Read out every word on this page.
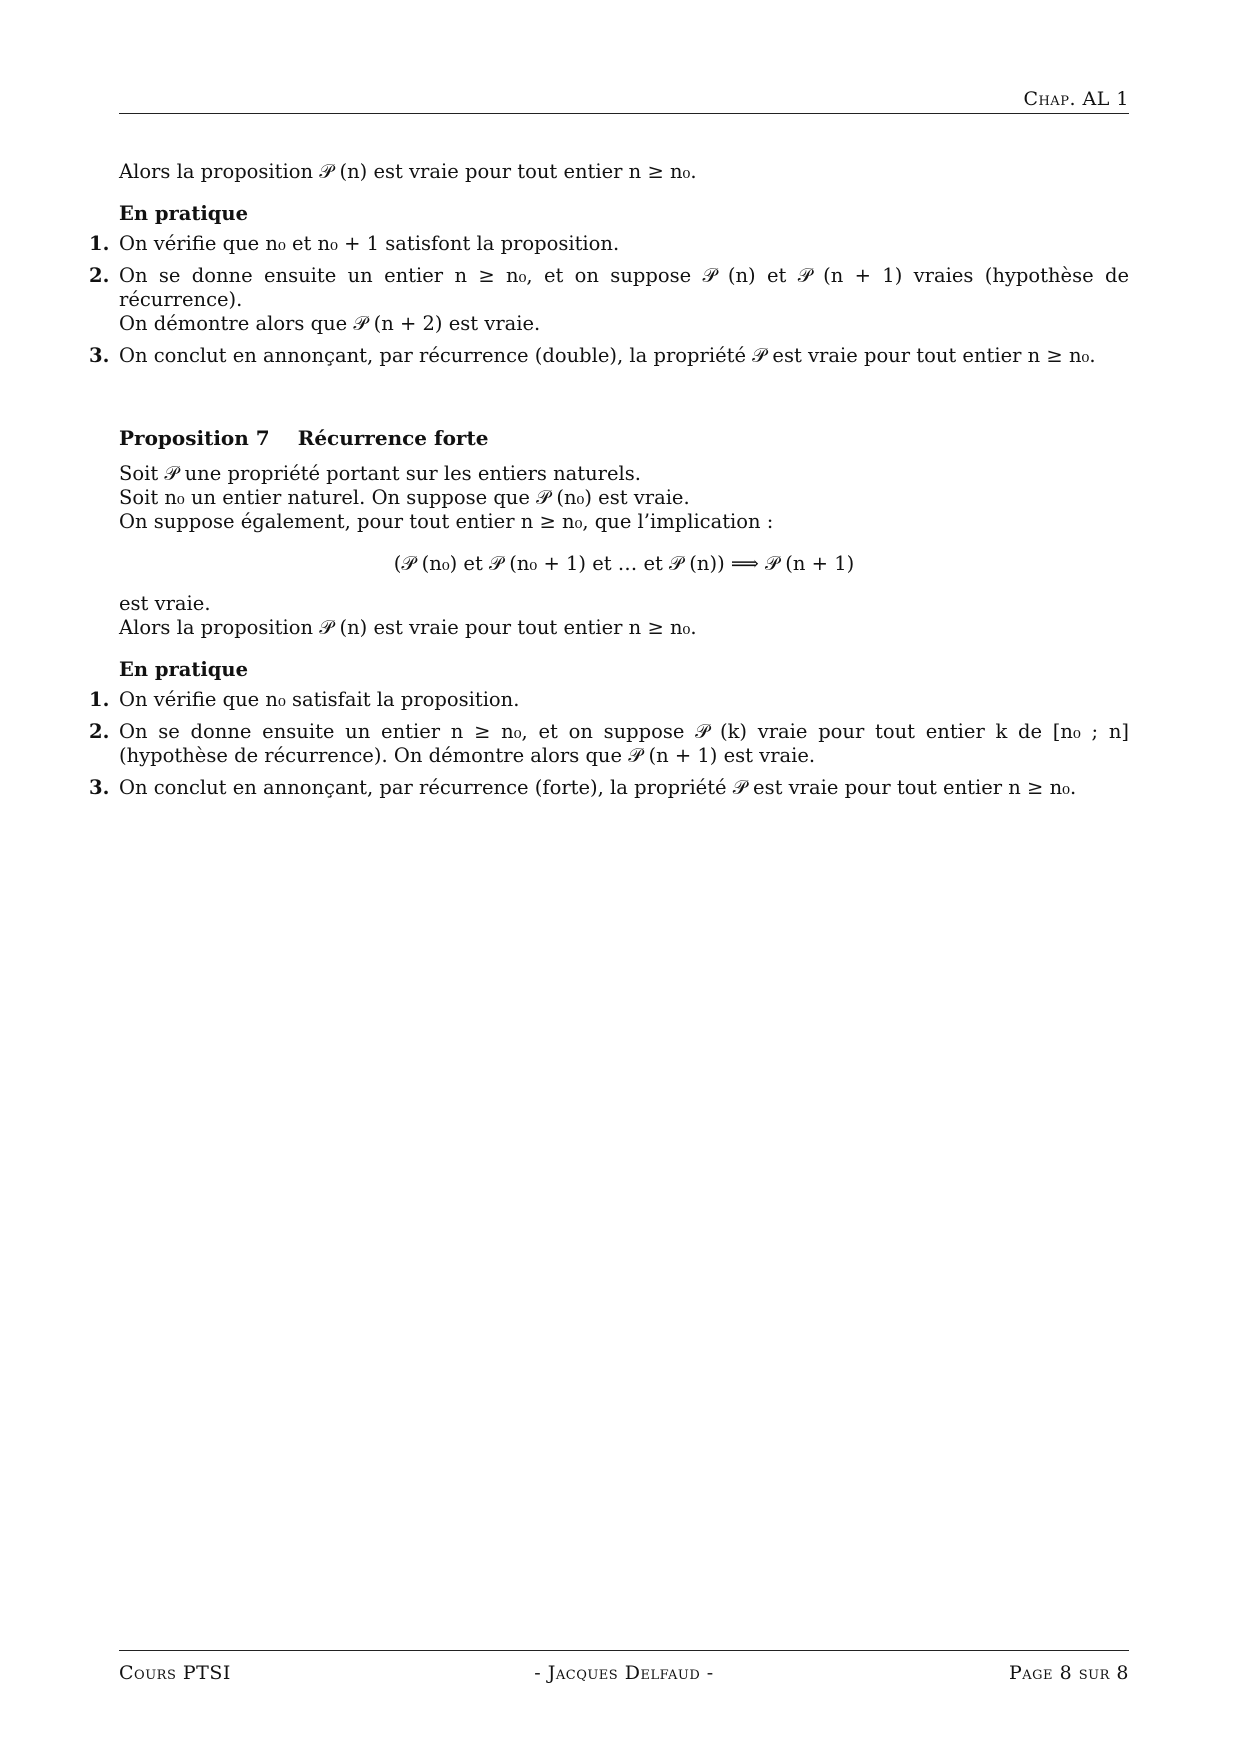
Chap. AL 1

Alors la proposition 𝒫 (n) est vraie pour tout entier n ≥ n₀.

En pratique

1. On vérifie que n₀ et n₀ + 1 satisfont la proposition.
2. On se donne ensuite un entier n ≥ n₀, et on suppose 𝒫 (n) et 𝒫 (n + 1) vraies (hypothèse de récurrence).
On démontre alors que 𝒫 (n + 2) est vraie.
3. On conclut en annonçant, par récurrence (double), la propriété 𝒫 est vraie pour tout entier n ≥ n₀.

Proposition 7 Récurrence forte

Soit 𝒫 une propriété portant sur les entiers naturels.

Soit n₀ un entier naturel. On suppose que 𝒫 (n₀) est vraie.

On suppose également, pour tout entier n ≥ n₀, que l’implication :

(𝒫 (n₀) et 𝒫 (n₀ + 1) et … et 𝒫 (n)) ⟹ 𝒫 (n + 1)

est vraie.

Alors la proposition 𝒫 (n) est vraie pour tout entier n ≥ n₀.

En pratique

1. On vérifie que n₀ satisfait la proposition.
2. On se donne ensuite un entier n ≥ n₀, et on suppose 𝒫 (k) vraie pour tout entier k de [n₀ ; n] (hypothèse de récurrence). On démontre alors que 𝒫 (n + 1) est vraie.
3. On conclut en annonçant, par récurrence (forte), la propriété 𝒫 est vraie pour tout entier n ≥ n₀.
Cours PTSI	- Jacques Delfaud -	Page 8 sur 8
